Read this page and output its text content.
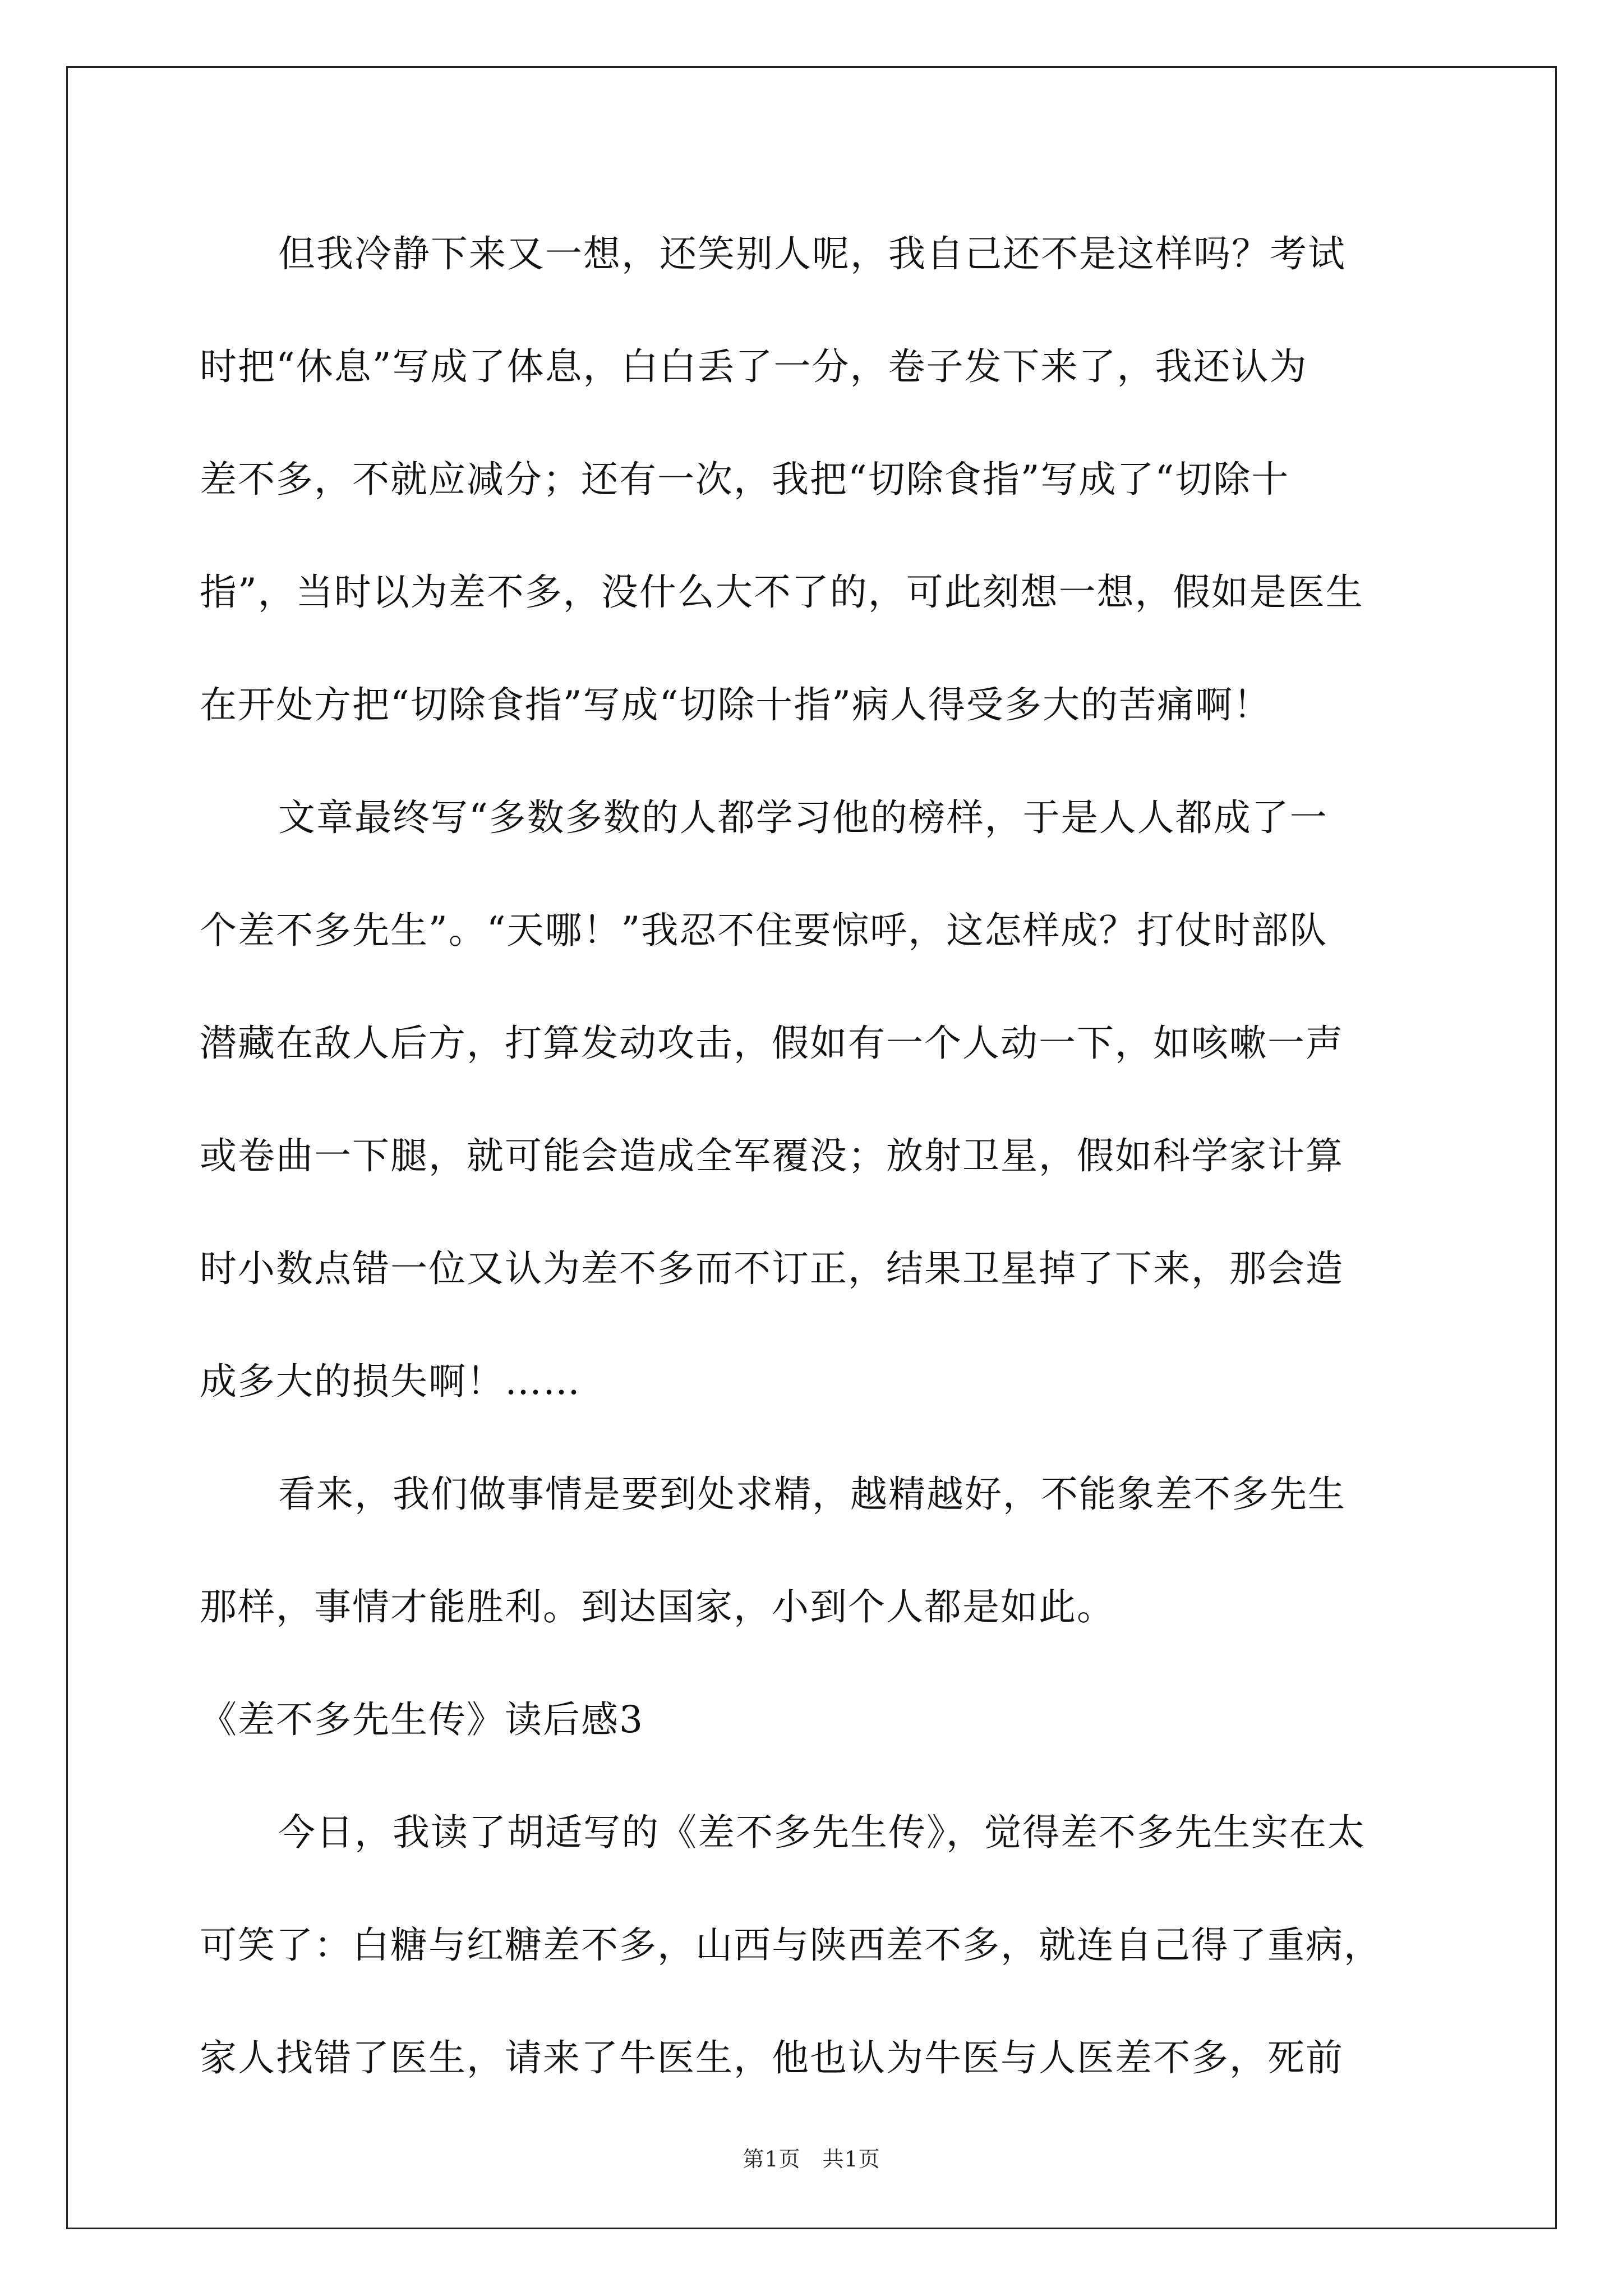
但我冷静下来又一想，还笑别人呢，我自己还不是这样吗？考试
时把“休息”写成了体息，白白丢了一分，卷子发下来了，我还认为
差不多，不就应减分；还有一次，我把“切除食指”写成了“切除十
指”，当时以为差不多，没什么大不了的，可此刻想一想，假如是医生
在开处方把“切除食指”写成“切除十指”病人得受多大的苦痛啊！
文章最终写“多数多数的人都学习他的榜样，于是人人都成了一
个差不多先生”。“天哪！”我忍不住要惊呼，这怎样成？打仗时部队
潜藏在敌人后方，打算发动攻击，假如有一个人动一下，如咳嗽一声
或卷曲一下腿，就可能会造成全军覆没；放射卫星，假如科学家计算
时小数点错一位又认为差不多而不订正，结果卫星掉了下来，那会造
成多大的损失啊！……
看来，我们做事情是要到处求精，越精越好，不能象差不多先生
那样，事情才能胜利。到达国家，小到个人都是如此。
《差不多先生传》读后感3
今日，我读了胡适写的《差不多先生传》，觉得差不多先生实在太
可笑了：白糖与红糖差不多，山西与陕西差不多，就连自己得了重病，
家人找错了医生，请来了牛医生，他也认为牛医与人医差不多，死前
第1页　共1页
